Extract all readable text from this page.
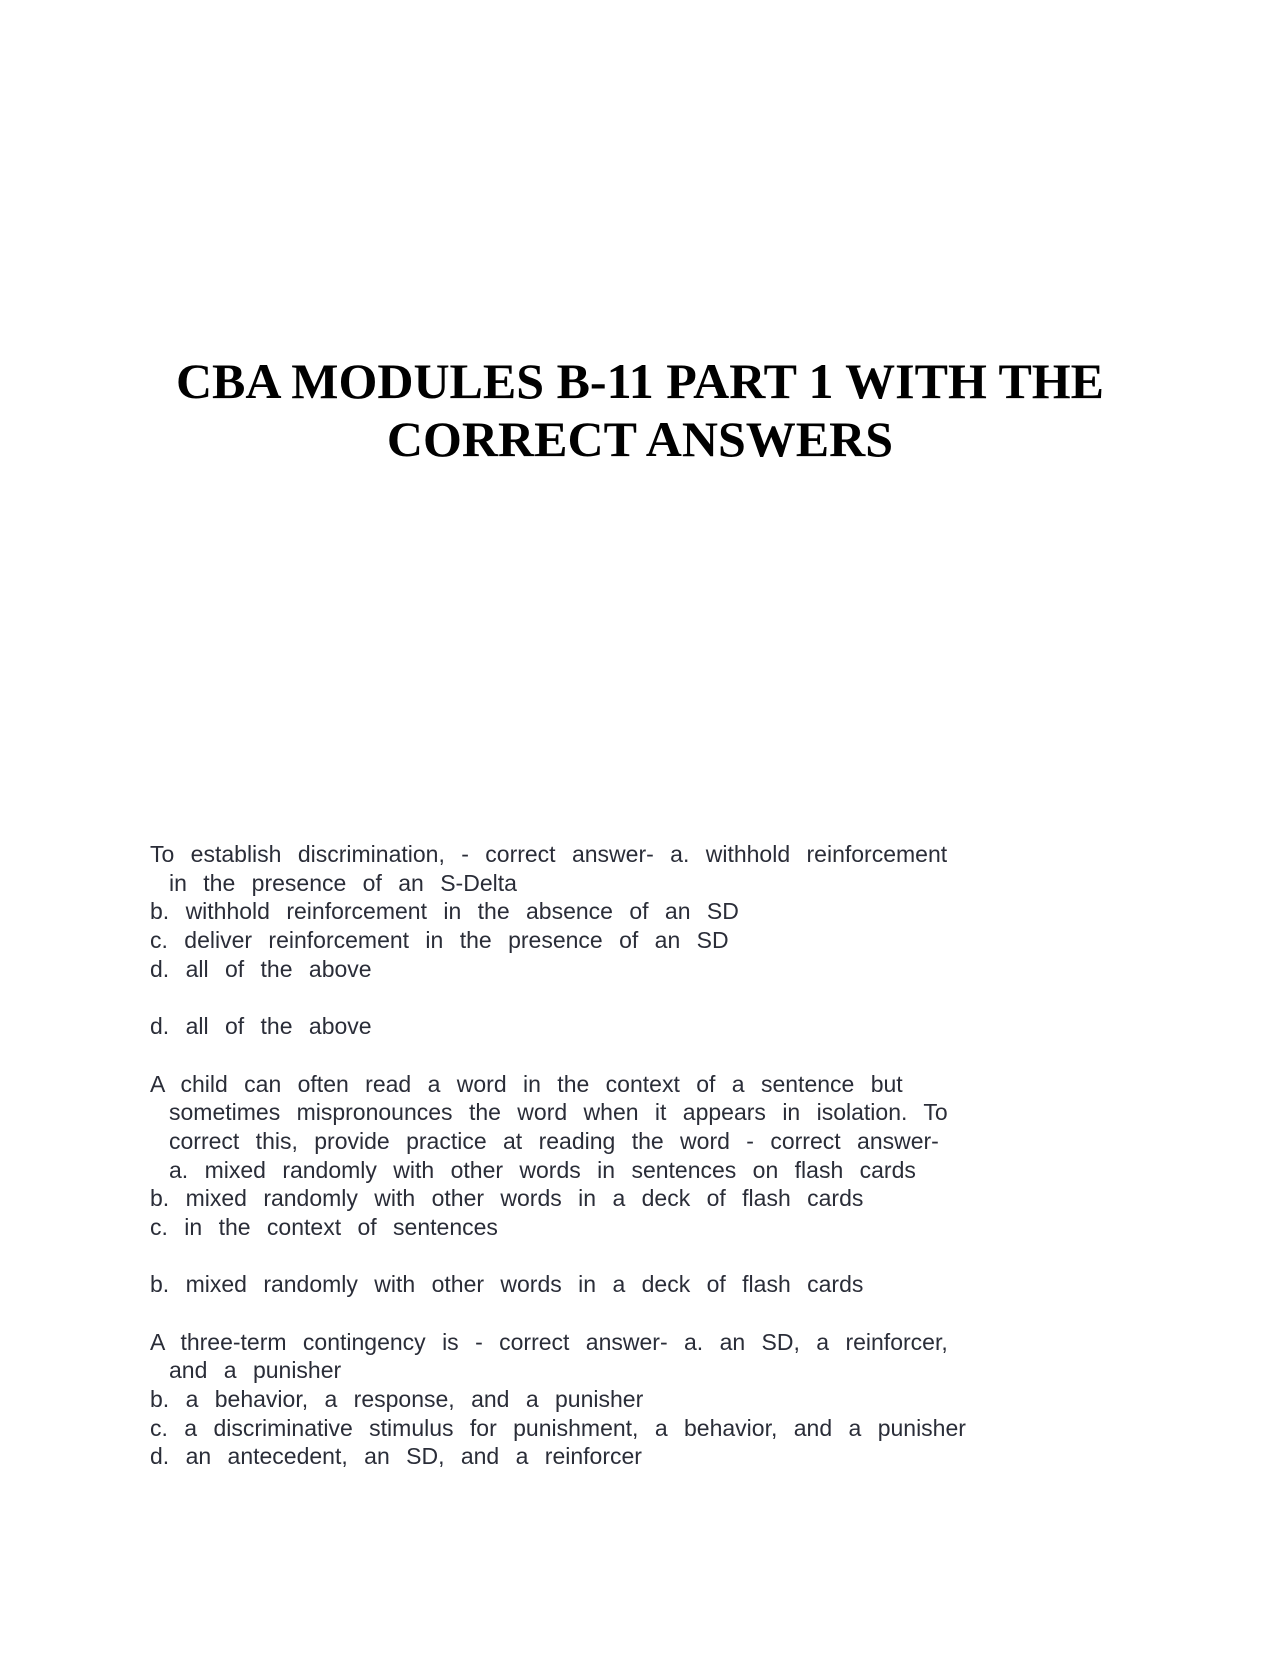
CBA MODULES B-11 PART 1 WITH THE
CORRECT ANSWERS
To establish discrimination, - correct answer- a. withhold reinforcement
in the presence of an S-Delta
b. withhold reinforcement in the absence of an SD
c. deliver reinforcement in the presence of an SD
d. all of the above
d. all of the above
A child can often read a word in the context of a sentence but
sometimes mispronounces the word when it appears in isolation. To
correct this, provide practice at reading the word - correct answer-
a. mixed randomly with other words in sentences on flash cards
b. mixed randomly with other words in a deck of flash cards
c. in the context of sentences
b. mixed randomly with other words in a deck of flash cards
A three-term contingency is - correct answer- a. an SD, a reinforcer,
and a punisher
b. a behavior, a response, and a punisher
c. a discriminative stimulus for punishment, a behavior, and a punisher
d. an antecedent, an SD, and a reinforcer
